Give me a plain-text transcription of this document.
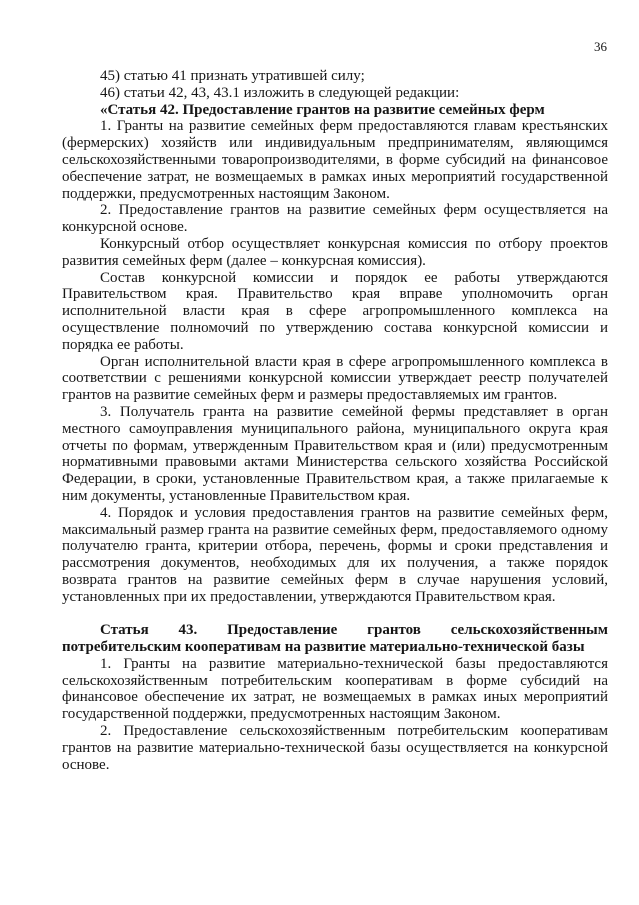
36

45) статью 41 признать утратившей силу;

46) статьи 42, 43, 43.1 изложить в следующей редакции:

«Статья 42. Предоставление грантов на развитие семейных ферм

1. Гранты на развитие семейных ферм предоставляются главам крестьянских (фермерских) хозяйств или индивидуальным предпринимателям, являющимся сельскохозяйственными товаропроизводителями, в форме субсидий на финансовое обеспечение затрат, не возмещаемых в рамках иных мероприятий государственной поддержки, предусмотренных настоящим Законом.

2. Предоставление грантов на развитие семейных ферм осуществляется на конкурсной основе.

Конкурсный отбор осуществляет конкурсная комиссия по отбору проектов развития семейных ферм (далее – конкурсная комиссия).

Состав конкурсной комиссии и порядок ее работы утверждаются Правительством края. Правительство края вправе уполномочить орган исполнительной власти края в сфере агропромышленного комплекса на осуществление полномочий по утверждению состава конкурсной комиссии и порядка ее работы.

Орган исполнительной власти края в сфере агропромышленного комплекса в соответствии с решениями конкурсной комиссии утверждает реестр получателей грантов на развитие семейных ферм и размеры предоставляемых им грантов.

3. Получатель гранта на развитие семейной фермы представляет в орган местного самоуправления муниципального района, муниципального округа края отчеты по формам, утвержденным Правительством края и (или) предусмотренным нормативными правовыми актами Министерства сельского хозяйства Российской Федерации, в сроки, установленные Правительством края, а также прилагаемые к ним документы, установленные Правительством края.

4. Порядок и условия предоставления грантов на развитие семейных ферм, максимальный размер гранта на развитие семейных ферм, предоставляемого одному получателю гранта, критерии отбора, перечень, формы и сроки представления и рассмотрения документов, необходимых для их получения, а также порядок возврата грантов на развитие семейных ферм в случае нарушения условий, установленных при их предоставлении, утверждаются Правительством края.

Статья 43. Предоставление грантов сельскохозяйственным потребительским кооперативам на развитие материально-технической базы

1. Гранты на развитие материально-технической базы предоставляются сельскохозяйственным потребительским кооперативам в форме субсидий на финансовое обеспечение их затрат, не возмещаемых в рамках иных мероприятий государственной поддержки, предусмотренных настоящим Законом.

2. Предоставление сельскохозяйственным потребительским кооперативам грантов на развитие материально-технической базы осуществляется на конкурсной основе.
